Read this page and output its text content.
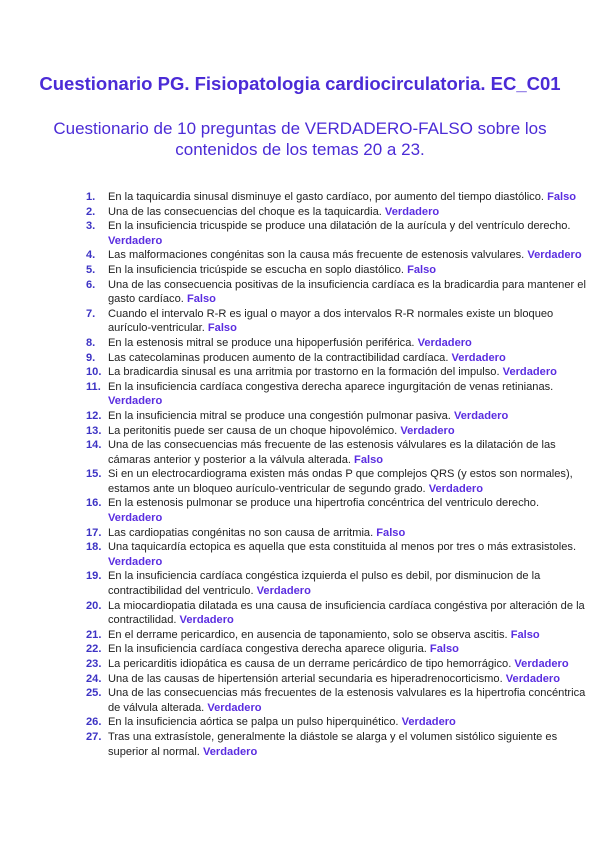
Cuestionario PG. Fisiopatologia cardiocirculatoria. EC_C01
Cuestionario de 10 preguntas de VERDADERO-FALSO sobre los contenidos de los temas 20 a 23.
1.	En la taquicardia sinusal disminuye el gasto cardíaco, por aumento del tiempo diastólico. Falso
2.	Una de las consecuencias del choque es la taquicardia. Verdadero
3.	En la insuficiencia tricuspide se produce una dilatación de la aurícula y del ventrículo derecho. Verdadero
4.	Las malformaciones congénitas son la causa más frecuente de estenosis valvulares. Verdadero
5.	En la insuficiencia tricúspide se escucha en soplo diastólico. Falso
6.	Una de las consecuencia positivas de la insuficiencia cardíaca es la bradicardia para mantener el gasto cardíaco. Falso
7.	Cuando el intervalo R-R es igual o mayor a dos intervalos R-R normales existe un bloqueo aurículo-ventricular. Falso
8.	En la estenosis mitral se produce una hipoperfusión periférica. Verdadero
9.	Las catecolaminas producen aumento de la contractibilidad cardíaca. Verdadero
10. La bradicardia sinusal es una arritmia por trastorno en la formación del impulso. Verdadero
11. En la insuficiencia cardíaca congestiva derecha aparece ingurgitación de venas retinianas. Verdadero
12. En la insuficiencia mitral se produce una congestión pulmonar pasiva. Verdadero
13. La peritonitis puede ser causa de un choque hipovolémico. Verdadero
14. Una de las consecuencias más frecuente de las estenosis válvulares es la dilatación de las cámaras anterior y posterior a la válvula alterada. Falso
15. Si en un electrocardiograma existen más ondas P que complejos QRS (y estos son normales), estamos ante un bloqueo aurículo-ventricular de segundo grado. Verdadero
16. En la estenosis pulmonar se produce una hipertrofia concéntrica del ventriculo derecho. Verdadero
17. Las cardiopatias congénitas no son causa de arritmia. Falso
18. Una taquicardía ectopica es aquella que esta constituida al menos por tres o más extrasistoles. Verdadero
19. En la insuficiencia cardíaca congéstica izquierda el pulso es debil, por disminucion de la contractibilidad del ventriculo. Verdadero
20. La miocardiopatia dilatada es una causa de insuficiencia cardíaca congéstiva por alteración de la contractilidad. Verdadero
21. En el derrame pericardico, en ausencia de taponamiento, solo se observa ascitis. Falso
22. En la insuficiencia cardíaca congestiva derecha aparece oliguria. Falso
23. La pericarditis idiopática es causa de un derrame pericárdico de tipo hemorrágico. Verdadero
24. Una de las causas de hipertensión arterial secundaria es hiperadrenocorticismo. Verdadero
25. Una de las consecuencias más frecuentes de la estenosis valvulares es la hipertrofia concéntrica de válvula alterada. Verdadero
26. En la insuficiencia aórtica se palpa un pulso hiperquinético. Verdadero
27. Tras una extrasístole, generalmente la diástole se alarga y el volumen sistólico siguiente es superior al normal. Verdadero
